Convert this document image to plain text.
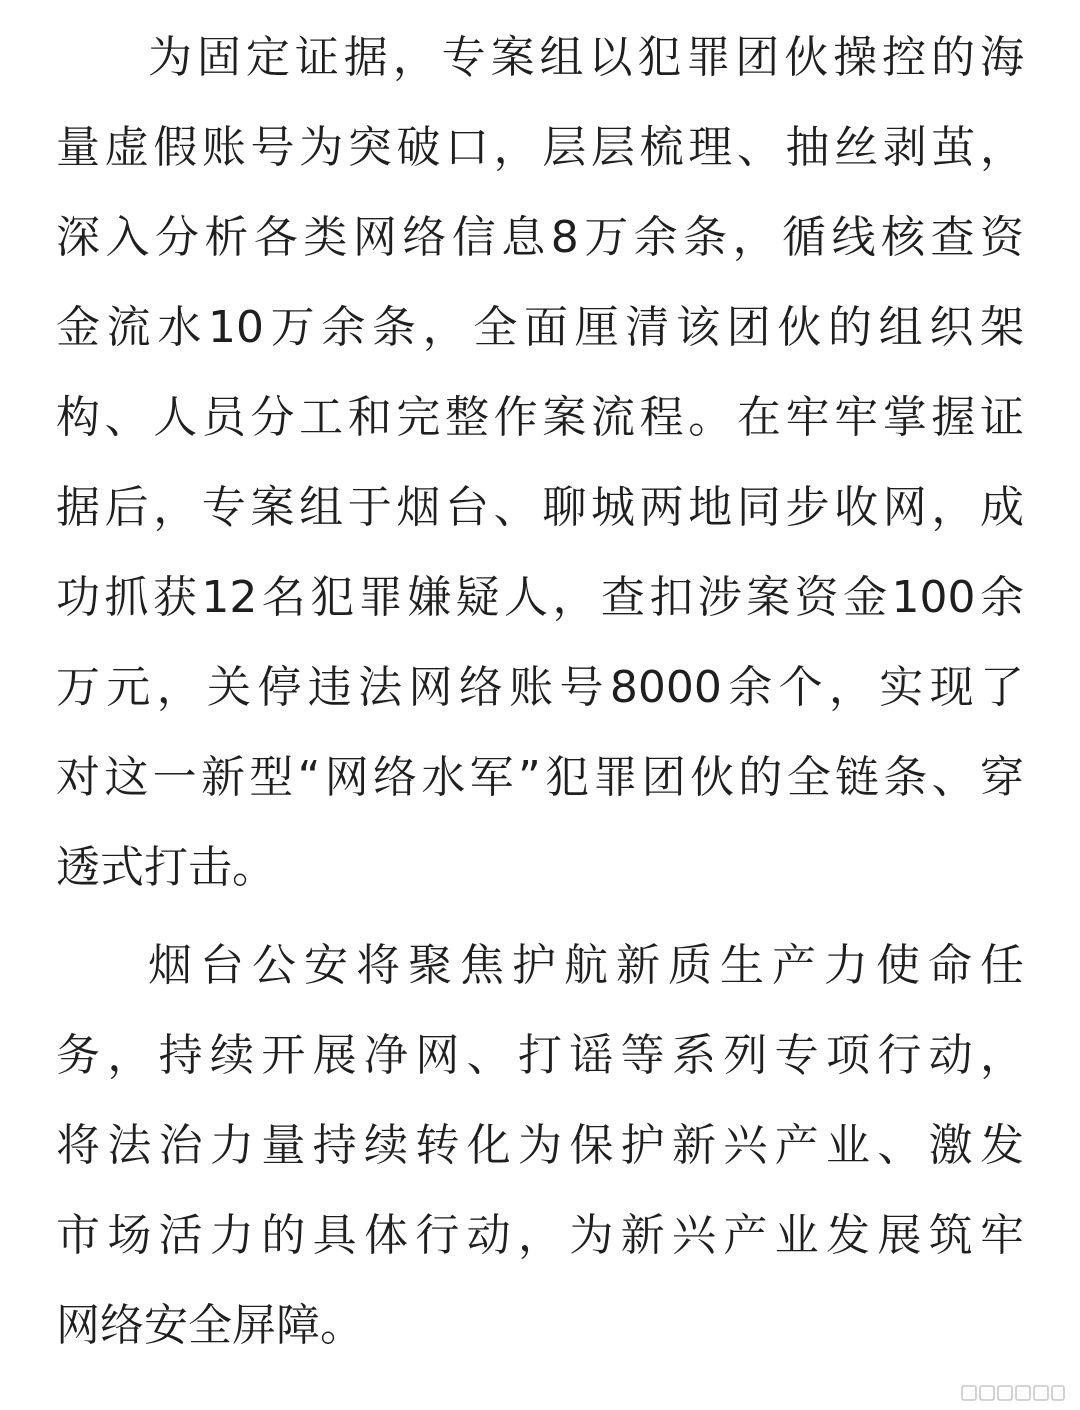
为固定证据，专案组以犯罪团伙操控的海
量虚假账号为突破口，层层梳理、抽丝剥茧，
深入分析各类网络信息8万余条，循线核查资
金流水10万余条，全面厘清该团伙的组织架
构、人员分工和完整作案流程。在牢牢掌握证
据后，专案组于烟台、聊城两地同步收网，成
功抓获12名犯罪嫌疑人，查扣涉案资金100余
万元，关停违法网络账号8000余个，实现了
对这一新型“网络水军”犯罪团伙的全链条、穿
透式打击。
烟台公安将聚焦护航新质生产力使命任
务，持续开展净网、打谣等系列专项行动，
将法治力量持续转化为保护新兴产业、激发
市场活力的具体行动，为新兴产业发展筑牢
网络安全屏障。
